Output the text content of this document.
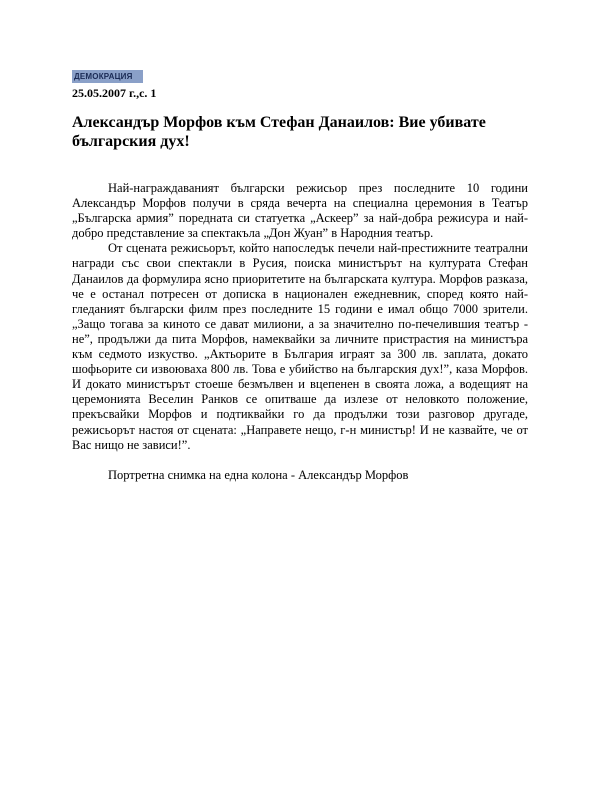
ДЕМОКРАЦИЯ
25.05.2007 г.,с. 1
Александър Морфов към Стефан Данаилов: Вие убивате българския дух!

Най-награждаваният български режисьор през последните 10 години Александър Морфов получи в сряда вечерта на специална церемония в Театър „Българска армия” поредната си статуетка „Аскеер” за най-добра режисура и най-добро представление за спектакъла „Дон Жуан” в Народния театър.

От сцената режисьорът, който напоследък печели най-престижните театрални награди със свои спектакли в Русия, поиска министърът на културата Стефан Данаилов да формулира ясно приоритетите на българската култура. Морфов разказа, че е останал потресен от дописка в национален ежедневник, според която най-гледаният български филм през последните 15 години е имал общо 7000 зрители. „Защо тогава за киното се дават милиони, а за значително по-печелившия театър - не”, продължи да пита Морфов, намеквайки за личните пристрастия на министъра към седмото изкуство. „Актьорите в България играят за 300 лв. заплата, докато шофьорите си извоюваха 800 лв. Това е убийство на българския дух!”, каза Морфов. И докато министърът стоеше безмълвен и вцепенен в своята ложа, а водещият на церемонията Веселин Ранков се опитваше да излезе от неловкото положение, прекъсвайки Морфов и подтиквайки го да продължи този разговор другаде, режисьорът настоя от сцената: „Направете нещо, г-н министър! И не казвайте, че от Вас нищо не зависи!”.

Портретна снимка на една колона - Александър Морфов
